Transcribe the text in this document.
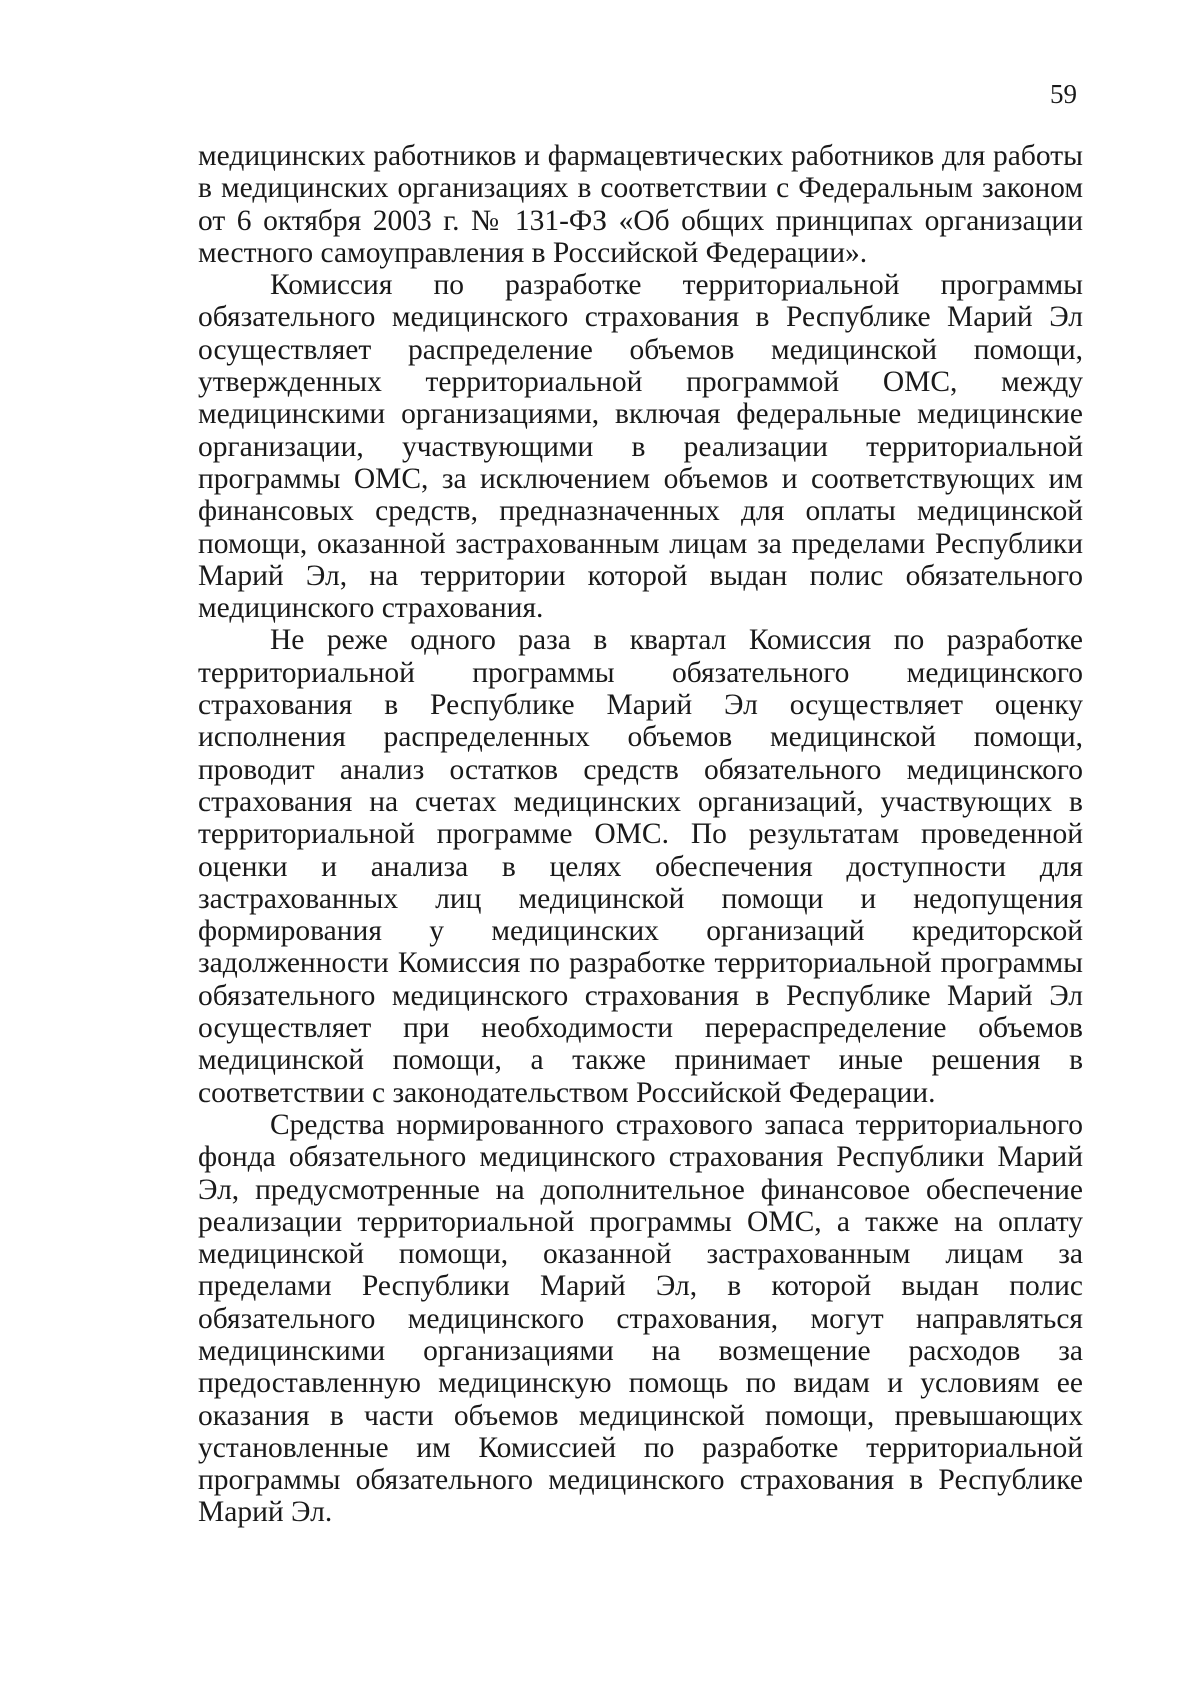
59

медицинских работников и фармацевтических работников для работы в медицинских организациях в соответствии с Федеральным законом от 6 октября 2003 г. № 131-ФЗ «Об общих принципах организации местного самоуправления в Российской Федерации».

Комиссия по разработке территориальной программы обязательного медицинского страхования в Республике Марий Эл осуществляет распределение объемов медицинской помощи, утвержденных территориальной программой ОМС, между медицинскими организациями, включая федеральные медицинские организации, участвующими в реализации территориальной программы ОМС, за исключением объемов и соответствующих им финансовых средств, предназначенных для оплаты медицинской помощи, оказанной застрахованным лицам за пределами Республики Марий Эл, на территории которой выдан полис обязательного медицинского страхования.

Не реже одного раза в квартал Комиссия по разработке территориальной программы обязательного медицинского страхования в Республике Марий Эл осуществляет оценку исполнения распределенных объемов медицинской помощи, проводит анализ остатков средств обязательного медицинского страхования на счетах медицинских организаций, участвующих в территориальной программе ОМС. По результатам проведенной оценки и анализа в целях обеспечения доступности для застрахованных лиц медицинской помощи и недопущения формирования у медицинских организаций кредиторской задолженности Комиссия по разработке территориальной программы обязательного медицинского страхования в Республике Марий Эл осуществляет при необходимости перераспределение объемов медицинской помощи, а также принимает иные решения в соответствии с законодательством Российской Федерации.

Средства нормированного страхового запаса территориального фонда обязательного медицинского страхования Республики Марий Эл, предусмотренные на дополнительное финансовое обеспечение реализации территориальной программы ОМС, а также на оплату медицинской помощи, оказанной застрахованным лицам за пределами Республики Марий Эл, в которой выдан полис обязательного медицинского страхования, могут направляться медицинскими организациями на возмещение расходов за предоставленную медицинскую помощь по видам и условиям ее оказания в части объемов медицинской помощи, превышающих установленные им Комиссией по разработке территориальной программы обязательного медицинского страхования в Республике Марий Эл.
